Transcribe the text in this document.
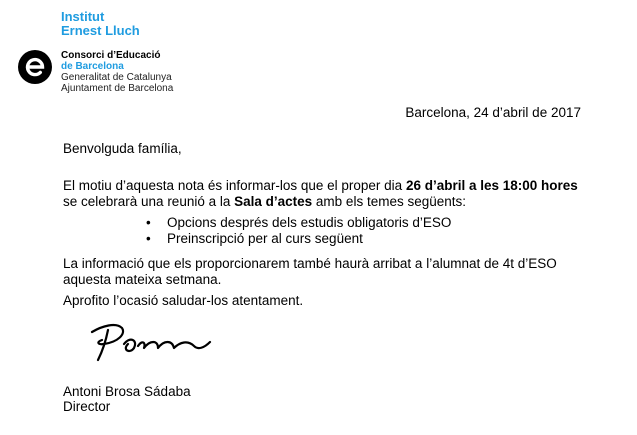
Institut
Ernest Lluch
Consorci d’Educació
de Barcelona
Generalitat de Catalunya
Ajuntament de Barcelona
Barcelona, 24 d’abril de 2017
Benvolguda família,
El motiu d’aquesta nota és informar-los que el proper dia 26 d’abril a les 18:00 hores se celebrarà una reunió a la Sala d’actes amb els temes següents:
• Opcions després dels estudis obligatoris d’ESO
• Preinscripció per al curs següent
La informació que els proporcionarem també haurà arribat a l’alumnat de 4t d’ESO aquesta mateixa setmana.
Aprofito l’ocasió saludar-los atentament.
Antoni Brosa Sádaba
Director
